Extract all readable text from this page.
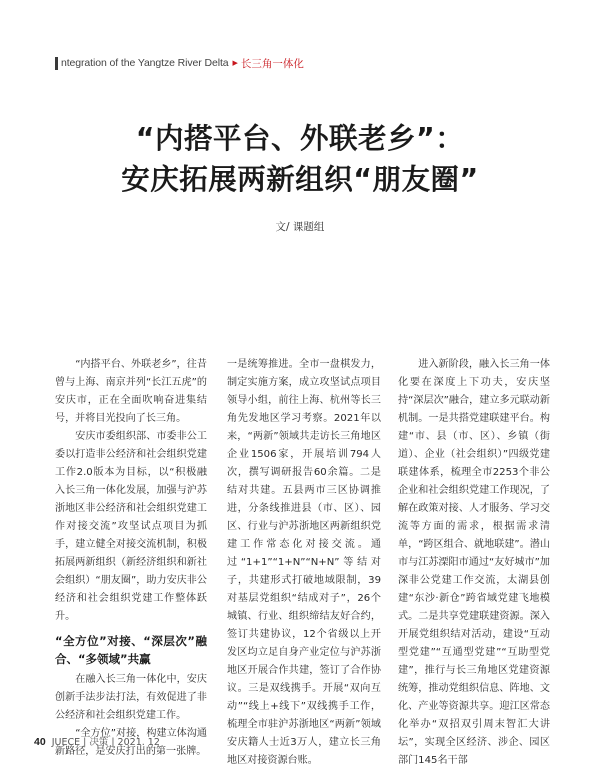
ntegration of the Yangtze River Delta ▶ 长三角一体化
“内搭平台、外联老乡”：
安庆拓展两新组织“朋友圈”
文/ 课题组

“内搭平台、外联老乡”，往昔曾与上海、南京并列“长江五虎”的安庆市，正在全面吹响奋进集结号，并将目光投向了长三角。

安庆市委组织部、市委非公工委以打造非公经济和社会组织党建工作2.0版本为目标，以“积极融入长三角一体化发展，加强与沪苏浙地区非公经济和社会组织党建工作对接交流”攻坚试点项目为抓手，建立健全对接交流机制，积极拓展两新组织（新经济组织和新社会组织）“朋友圈”，助力安庆非公经济和社会组织党建工作整体跃升。

“全方位”对接、“深层次”融合、“多领域”共赢

在融入长三角一体化中，安庆创新手法步法打法，有效促进了非公经济和社会组织党建工作。

“全方位”对接，构建立体沟通新路径，是安庆打出的第一张牌。

一是统筹推进。全市一盘棋发力，制定实施方案，成立攻坚试点项目领导小组，前往上海、杭州等长三角先发地区学习考察。2021年以来，“两新”领域共走访长三角地区企业1506家，开展培训794人次，撰写调研报告60余篇。二是结对共建。五县两市三区协调推进，分条线推进县（市、区）、园区、行业与沪苏浙地区两新组织党建工作常态化对接交流。通过“1+1”“1+N”“N+N”等结对子，共建形式打破地域限制，39对基层党组织“结成对子”，26个城镇、行业、组织缔结友好合约，签订共建协议，12个省级以上开发区均立足自身产业定位与沪苏浙地区开展合作共建，签订了合作协议。三是双线携手。开展“双向互动”“线上+线下”双线携手工作，梳理全市驻沪苏浙地区“两新”领域安庆籍人士近3万人，建立长三角地区对接资源台账。

进入新阶段，融入长三角一体化要在深度上下功夫，安庆坚持“深层次”融合，建立多元联动新机制。一是共搭党建联建平台。构建“市、县（市、区）、乡镇（街道）、企业（社会组织）”四级党建联建体系，梳理全市2253个非公企业和社会组织党建工作现况，了解在政策对接、人才服务、学习交流等方面的需求，根据需求清单，“跨区组合、就地联建”。潜山市与江苏溧阳市通过“友好城市”加深非公党建工作交流，太湖县创建“东沙·新仓”跨省域党建飞地模式。二是共享党建联建资源。深入开展党组织结对活动，建设“互动型党建”“互通型党建”“互助型党建”，推行与长三角地区党建资源统筹，推动党组织信息、阵地、文化、产业等资源共享。迎江区常态化举办“双招双引周末智汇大讲坛”，实现全区经济、涉企、园区部门145名干部

40 JUECE | 决策 | 2021. 12
